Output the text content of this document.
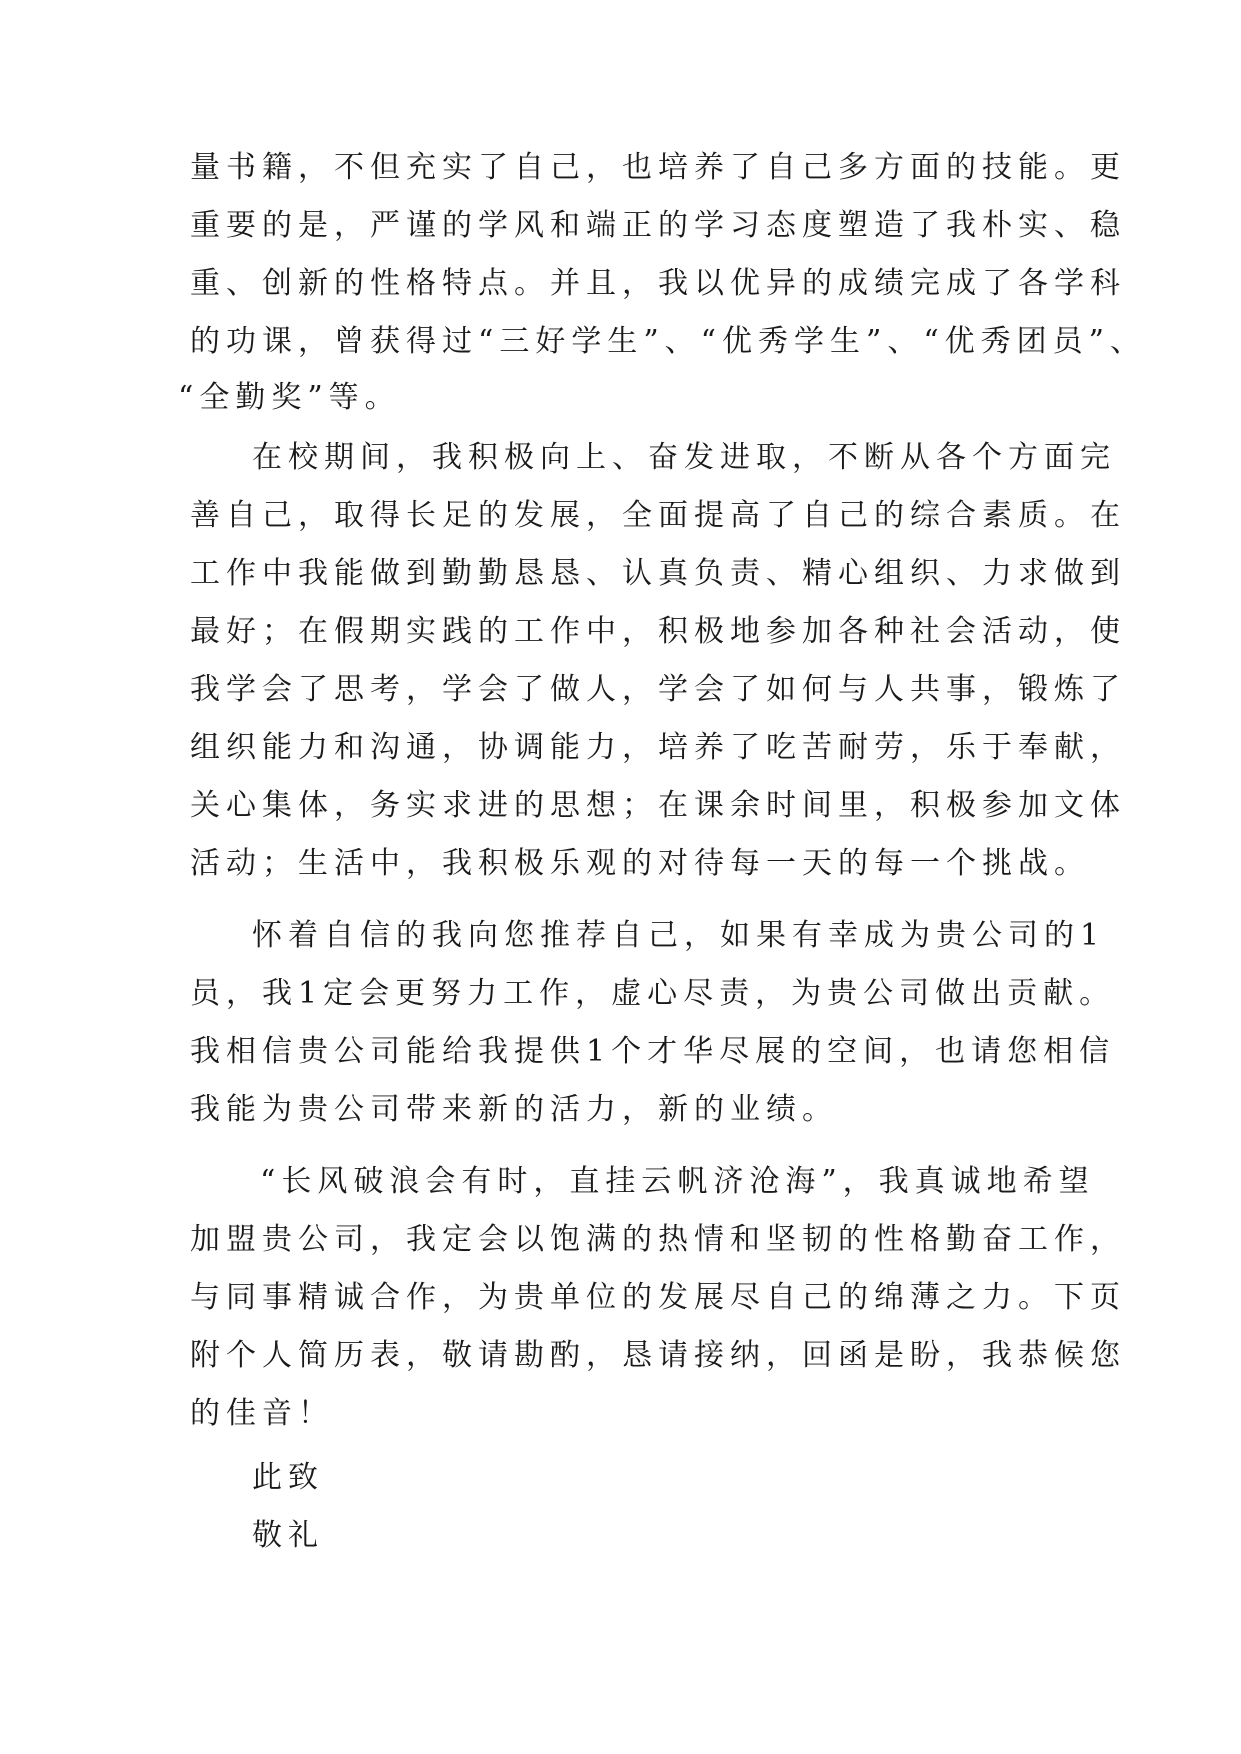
量书籍，不但充实了自己，也培养了自己多方面的技能。更
重要的是，严谨的学风和端正的学习态度塑造了我朴实、稳
重、创新的性格特点。并且，我以优异的成绩完成了各学科
的功课，曾获得过“三好学生”、“优秀学生”、“优秀团员”、
“全勤奖”等。
在校期间，我积极向上、奋发进取，不断从各个方面完
善自己，取得长足的发展，全面提高了自己的综合素质。在
工作中我能做到勤勤恳恳、认真负责、精心组织、力求做到
最好；在假期实践的工作中，积极地参加各种社会活动，使
我学会了思考，学会了做人，学会了如何与人共事，锻炼了
组织能力和沟通，协调能力，培养了吃苦耐劳，乐于奉献，
关心集体，务实求进的思想；在课余时间里，积极参加文体
活动；生活中，我积极乐观的对待每一天的每一个挑战。
怀着自信的我向您推荐自己，如果有幸成为贵公司的1
员，我1定会更努力工作，虚心尽责，为贵公司做出贡献。
我相信贵公司能给我提供1个才华尽展的空间，也请您相信
我能为贵公司带来新的活力，新的业绩。
“长风破浪会有时，直挂云帆济沧海”，我真诚地希望
加盟贵公司，我定会以饱满的热情和坚韧的性格勤奋工作，
与同事精诚合作，为贵单位的发展尽自己的绵薄之力。下页
附个人简历表，敬请勘酌，恳请接纳，回函是盼，我恭候您
的佳音！
此致
敬礼
